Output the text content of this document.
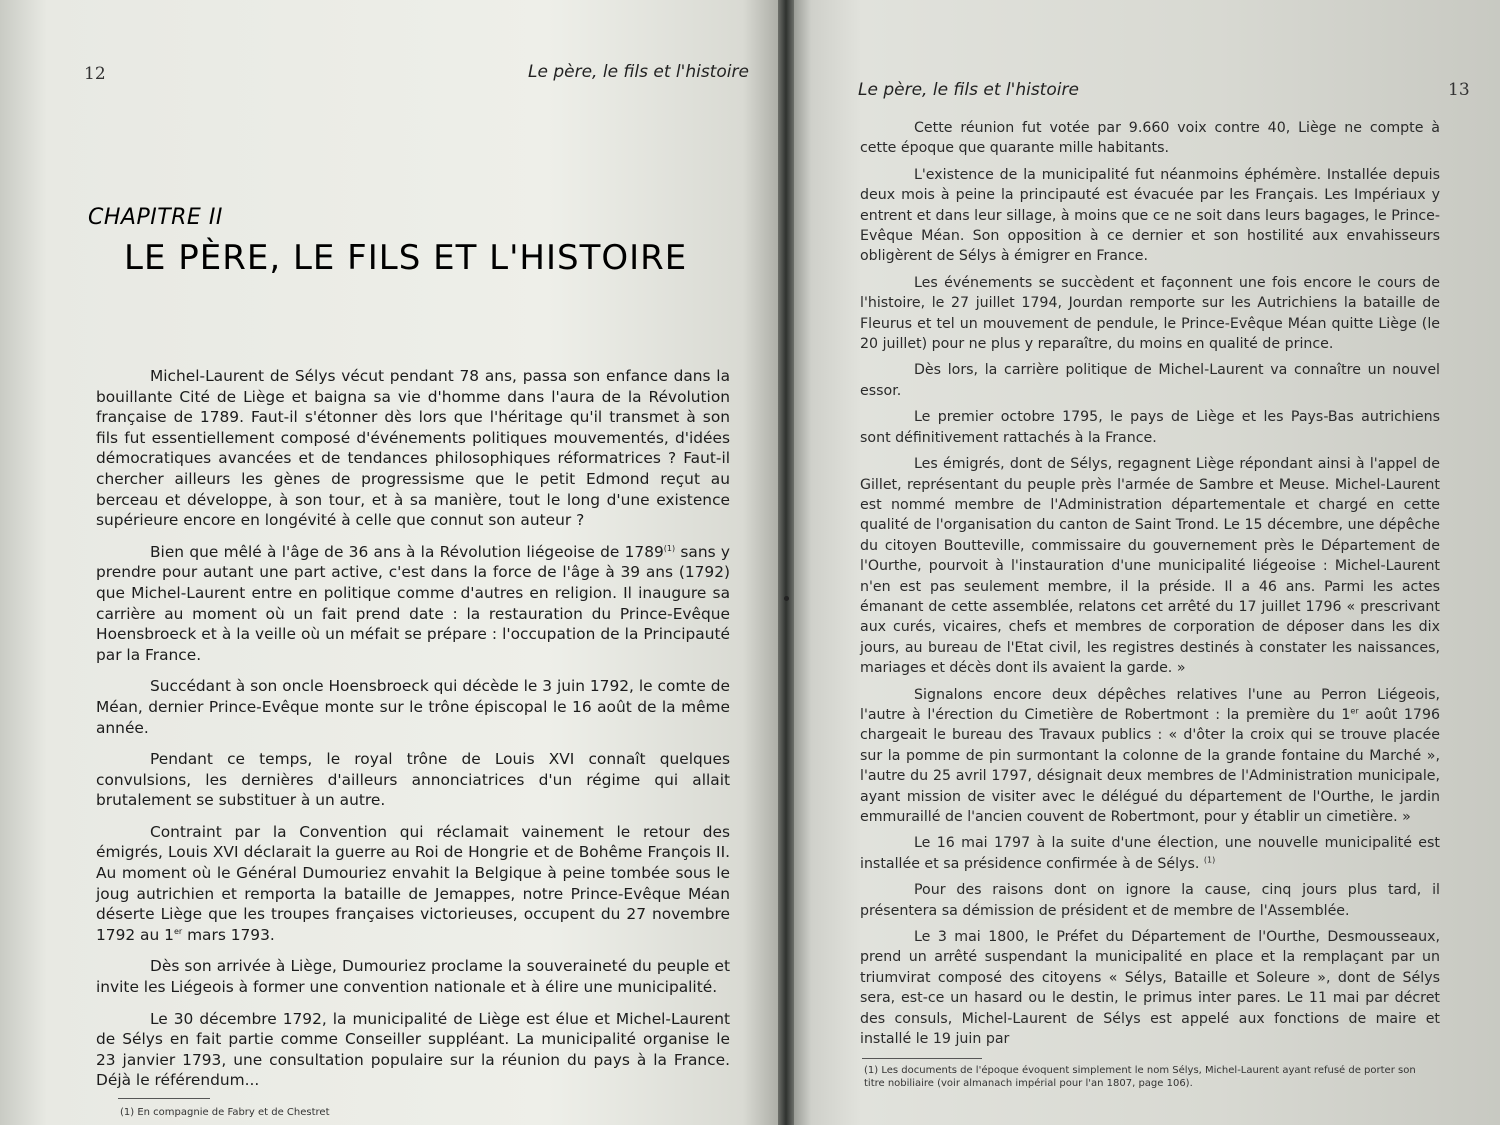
12	Le père, le fils et l'histoire
CHAPITRE II
LE PÈRE, LE FILS ET L'HISTOIRE

Michel-Laurent de Sélys vécut pendant 78 ans, passa son enfance dans la bouillante Cité de Liège et baigna sa vie d'homme dans l'aura de la Révolution française de 1789. Faut-il s'étonner dès lors que l'héritage qu'il transmet à son fils fut essentiellement composé d'événements politiques mouvementés, d'idées démocratiques avancées et de tendances philosophiques réformatrices ? Faut-il chercher ailleurs les gènes de progressisme que le petit Edmond reçut au berceau et développe, à son tour, et à sa manière, tout le long d'une existence supérieure encore en longévité à celle que connut son auteur ?

Bien que mêlé à l'âge de 36 ans à la Révolution liégeoise de 1789$^{(1)}$ sans y prendre pour autant une part active, c'est dans la force de l'âge à 39 ans (1792) que Michel-Laurent entre en politique comme d'autres en religion. Il inaugure sa carrière au moment où un fait prend date : la restauration du Prince-Evêque Hoensbroeck et à la veille où un méfait se prépare : l'occupation de la Principauté par la France.

Succédant à son oncle Hoensbroeck qui décède le 3 juin 1792, le comte de Méan, dernier Prince-Evêque monte sur le trône épiscopal le 16 août de la même année.

Pendant ce temps, le royal trône de Louis XVI connaît quelques convulsions, les dernières d'ailleurs annonciatrices d'un régime qui allait brutalement se substituer à un autre.

Contraint par la Convention qui réclamait vainement le retour des émigrés, Louis XVI déclarait la guerre au Roi de Hongrie et de Bohême François II. Au moment où le Général Dumouriez envahit la Belgique à peine tombée sous le joug autrichien et remporta la bataille de Jemappes, notre Prince-Evêque Méan déserte Liège que les troupes françaises victorieuses, occupent du 27 novembre 1792 au 1er mars 1793.

Dès son arrivée à Liège, Dumouriez proclame la souveraineté du peuple et invite les Liégeois à former une convention nationale et à élire une municipalité.

Le 30 décembre 1792, la municipalité de Liège est élue et Michel-Laurent de Sélys en fait partie comme Conseiller suppléant. La municipalité organise le 23 janvier 1793, une consultation populaire sur la réunion du pays à la France. Déjà le référendum...

(1) En compagnie de Fabry et de Chestret
Le père, le fils et l'histoire	13

Cette réunion fut votée par 9.660 voix contre 40, Liège ne compte à cette époque que quarante mille habitants.

L'existence de la municipalité fut néanmoins éphémère. Installée depuis deux mois à peine la principauté est évacuée par les Français. Les Impériaux y entrent et dans leur sillage, à moins que ce ne soit dans leurs bagages, le Prince-Evêque Méan. Son opposition à ce dernier et son hostilité aux envahisseurs obligèrent de Sélys à émigrer en France.

Les événements se succèdent et façonnent une fois encore le cours de l'histoire, le 27 juillet 1794, Jourdan remporte sur les Autrichiens la bataille de Fleurus et tel un mouvement de pendule, le Prince-Evêque Méan quitte Liège (le 20 juillet) pour ne plus y reparaître, du moins en qualité de prince.

Dès lors, la carrière politique de Michel-Laurent va connaître un nouvel essor.

Le premier octobre 1795, le pays de Liège et les Pays-Bas autrichiens sont définitivement rattachés à la France.

Les émigrés, dont de Sélys, regagnent Liège répondant ainsi à l'appel de Gillet, représentant du peuple près l'armée de Sambre et Meuse. Michel-Laurent est nommé membre de l'Administration départementale et chargé en cette qualité de l'organisation du canton de Saint Trond. Le 15 décembre, une dépêche du citoyen Boutteville, commissaire du gouvernement près le Département de l'Ourthe, pourvoit à l'instauration d'une municipalité liégeoise : Michel-Laurent n'en est pas seulement membre, il la préside. Il a 46 ans. Parmi les actes émanant de cette assemblée, relatons cet arrêté du 17 juillet 1796 « prescrivant aux curés, vicaires, chefs et membres de corporation de déposer dans les dix jours, au bureau de l'Etat civil, les registres destinés à constater les naissances, mariages et décès dont ils avaient la garde. »

Signalons encore deux dépêches relatives l'une au Perron Liégeois, l'autre à l'érection du Cimetière de Robertmont : la première du 1er août 1796 chargeait le bureau des Travaux publics : « d'ôter la croix qui se trouve placée sur la pomme de pin surmontant la colonne de la grande fontaine du Marché », l'autre du 25 avril 1797, désignait deux membres de l'Administration municipale, ayant mission de visiter avec le délégué du département de l'Ourthe, le jardin emmuraillé de l'ancien couvent de Robertmont, pour y établir un cimetière. »

Le 16 mai 1797 à la suite d'une élection, une nouvelle municipalité est installée et sa présidence confirmée à de Sélys. $^{(1)}$

Pour des raisons dont on ignore la cause, cinq jours plus tard, il présentera sa démission de président et de membre de l'Assemblée.

Le 3 mai 1800, le Préfet du Département de l'Ourthe, Desmousseaux, prend un arrêté suspendant la municipalité en place et la remplaçant par un triumvirat composé des citoyens « Sélys, Bataille et Soleure », dont de Sélys sera, est-ce un hasard ou le destin, le primus inter pares. Le 11 mai par décret des consuls, Michel-Laurent de Sélys est appelé aux fonctions de maire et installé le 19 juin par

(1) Les documents de l'époque évoquent simplement le nom Sélys, Michel-Laurent ayant refusé de porter son titre nobiliaire (voir almanach impérial pour l'an 1807, page 106).
